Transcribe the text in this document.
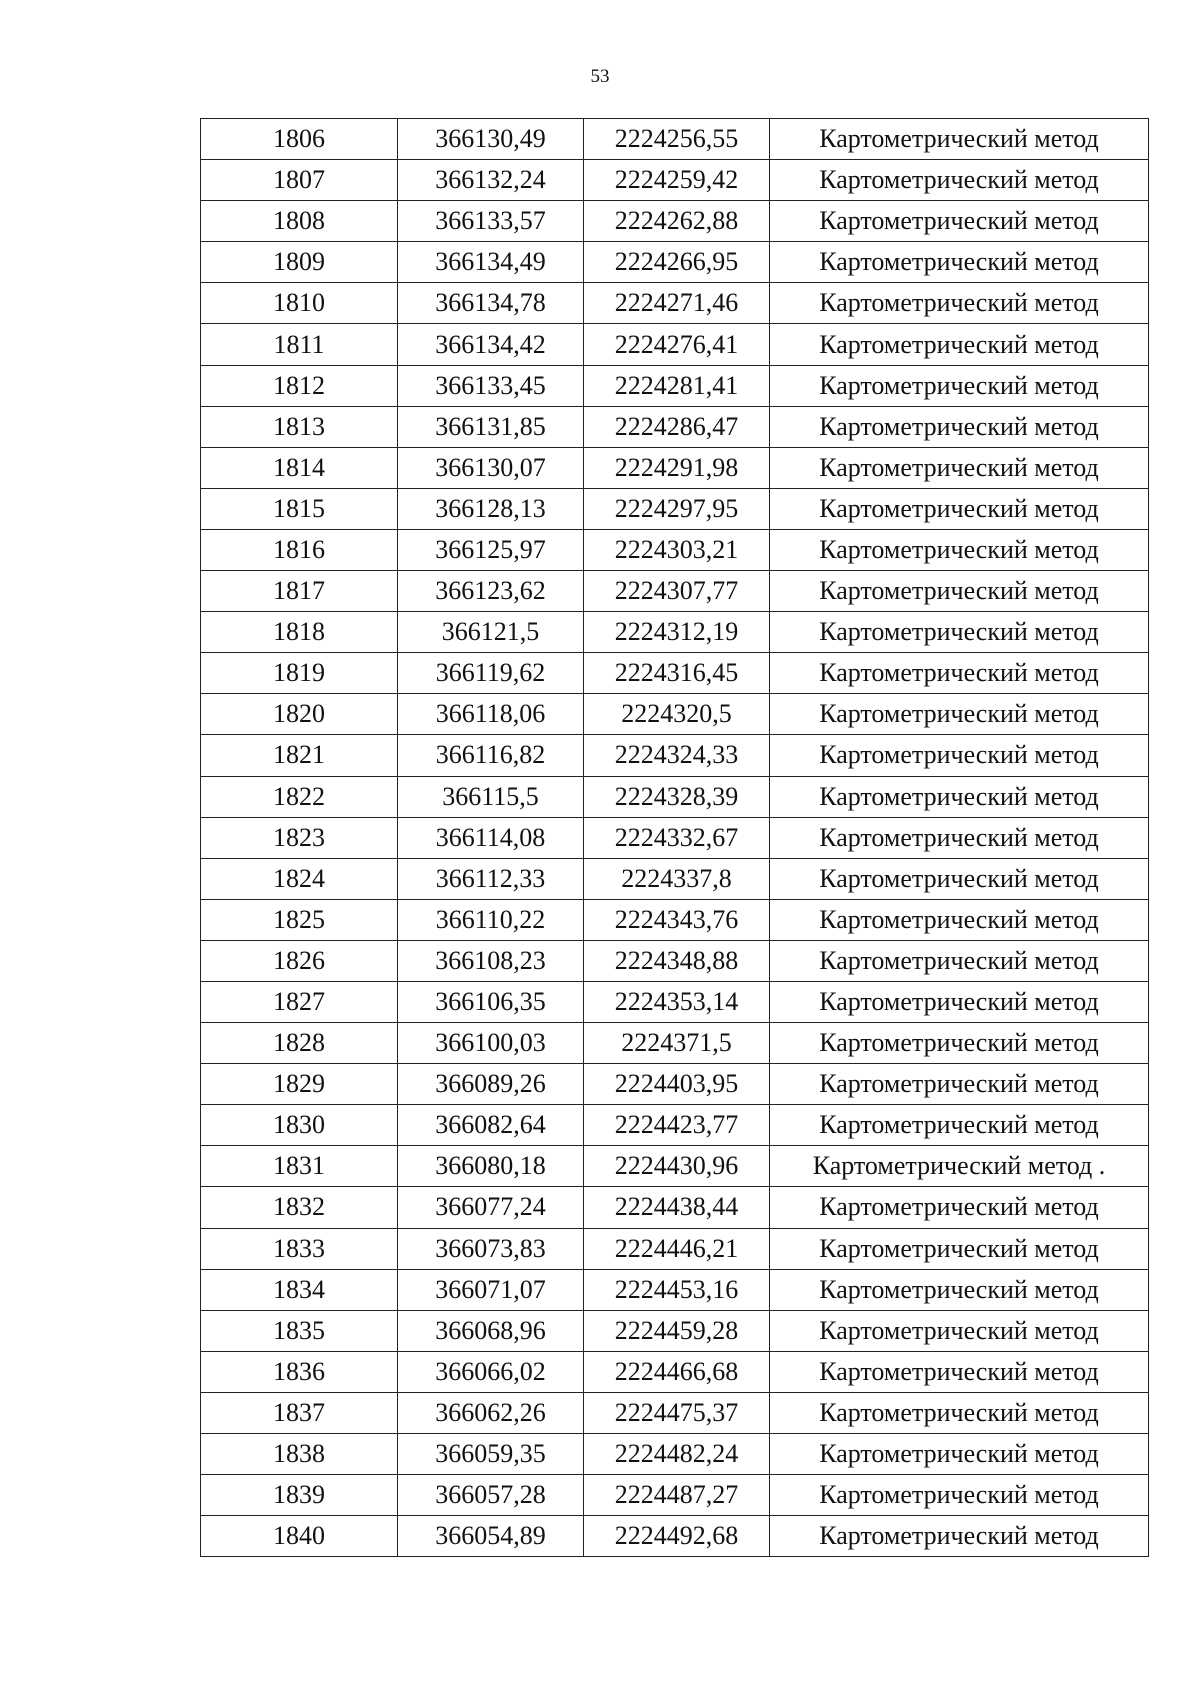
53
1806	366130,49	2224256,55	Картометрический метод
1807	366132,24	2224259,42	Картометрический метод
1808	366133,57	2224262,88	Картометрический метод
1809	366134,49	2224266,95	Картометрический метод
1810	366134,78	2224271,46	Картометрический метод
1811	366134,42	2224276,41	Картометрический метод
1812	366133,45	2224281,41	Картометрический метод
1813	366131,85	2224286,47	Картометрический метод
1814	366130,07	2224291,98	Картометрический метод
1815	366128,13	2224297,95	Картометрический метод
1816	366125,97	2224303,21	Картометрический метод
1817	366123,62	2224307,77	Картометрический метод
1818	366121,5	2224312,19	Картометрический метод
1819	366119,62	2224316,45	Картометрический метод
1820	366118,06	2224320,5	Картометрический метод
1821	366116,82	2224324,33	Картометрический метод
1822	366115,5	2224328,39	Картометрический метод
1823	366114,08	2224332,67	Картометрический метод
1824	366112,33	2224337,8	Картометрический метод
1825	366110,22	2224343,76	Картометрический метод
1826	366108,23	2224348,88	Картометрический метод
1827	366106,35	2224353,14	Картометрический метод
1828	366100,03	2224371,5	Картометрический метод
1829	366089,26	2224403,95	Картометрический метод
1830	366082,64	2224423,77	Картометрический метод
1831	366080,18	2224430,96	Картометрический метод .
1832	366077,24	2224438,44	Картометрический метод
1833	366073,83	2224446,21	Картометрический метод
1834	366071,07	2224453,16	Картометрический метод
1835	366068,96	2224459,28	Картометрический метод
1836	366066,02	2224466,68	Картометрический метод
1837	366062,26	2224475,37	Картометрический метод
1838	366059,35	2224482,24	Картометрический метод
1839	366057,28	2224487,27	Картометрический метод
1840	366054,89	2224492,68	Картометрический метод
